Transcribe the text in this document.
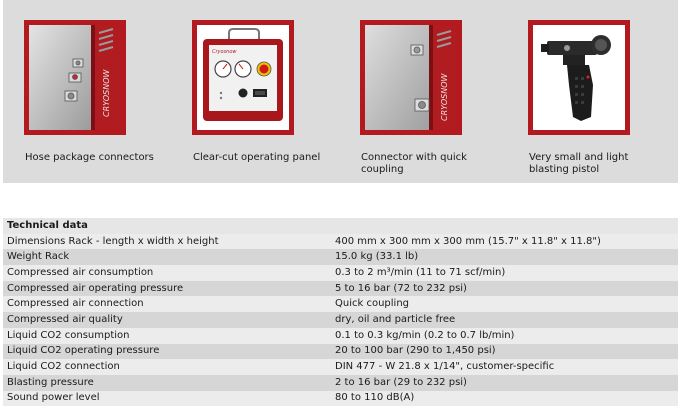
CRYOSNOW
Hose package connectors
Cryosnow
Clear-cut operating panel
CRYOSNOW
Connector with quick coupling
Very small and light blasting pistol
Technical data	
Dimensions Rack - length x width x height	400 mm x 300 mm x 300 mm (15.7" x 11.8" x 11.8")
Weight Rack	15.0 kg (33.1 lb)
Compressed air consumption	0.3 to 2 m³/min (11 to 71 scf/min)
Compressed air operating pressure	5 to 16 bar (72 to 232 psi)
Compressed air connection	Quick coupling
Compressed air quality	dry, oil and particle free
Liquid CO2 consumption	0.1 to 0.3 kg/min (0.2 to 0.7 lb/min)
Liquid CO2 operating pressure	20 to 100 bar (290 to 1,450 psi)
Liquid CO2 connection	DIN 477 - W 21.8 x 1/14", customer-specific
Blasting pressure	2 to 16 bar (29 to 232 psi)
Sound power level	80 to 110 dB(A)
